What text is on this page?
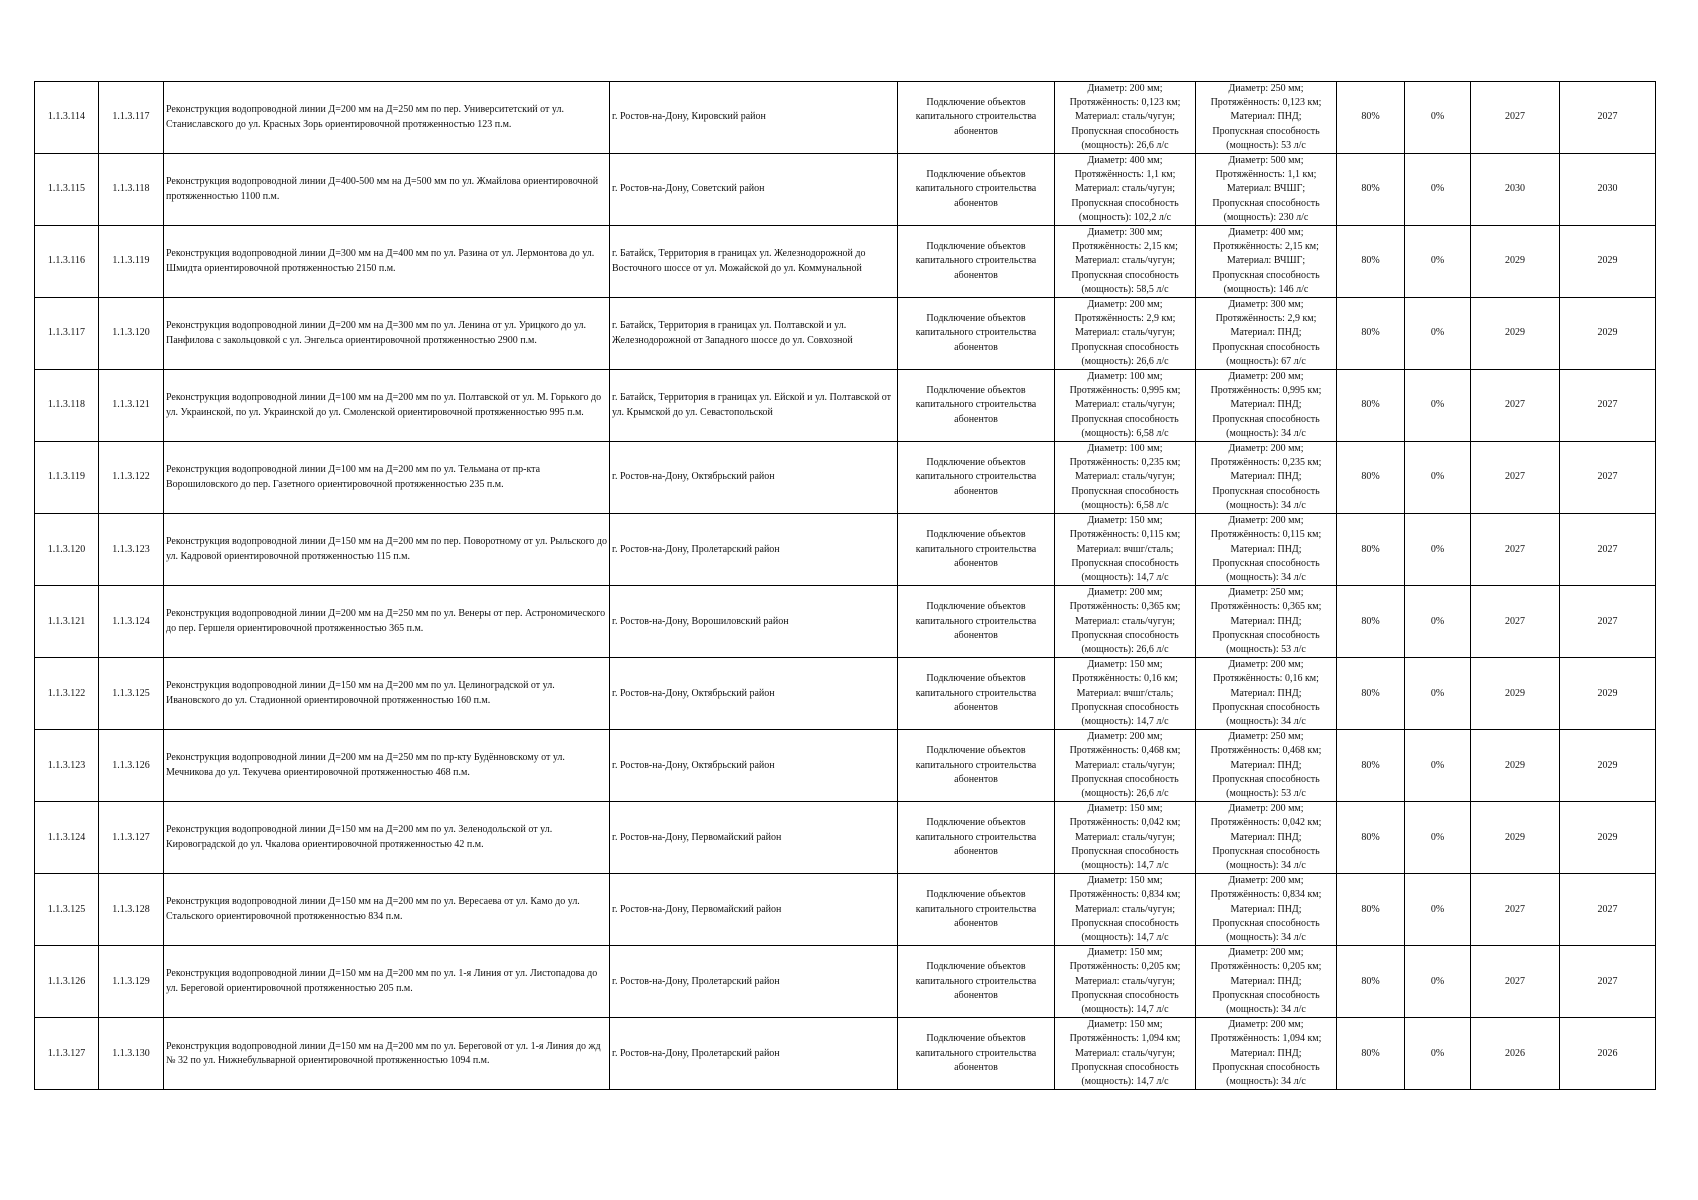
1.1.3.114	1.1.3.117	Реконструкция водопроводной линии Д=200 мм на Д=250 мм по пер. Университетский от ул. Станиславского до ул. Красных Зорь ориентировочной протяженностью 123 п.м.	г. Ростов-на-Дону, Кировский район	Подключение объектов капитального строительства абонентов	Диаметр: 200 мм;
Протяжённость: 0,123 км;
Материал: сталь/чугун;
Пропускная способность (мощность): 26,6 л/с	Диаметр: 250 мм;
Протяжённость: 0,123 км;
Материал: ПНД;
Пропускная способность (мощность): 53 л/с	80%	0%	2027	2027
1.1.3.115	1.1.3.118	Реконструкция водопроводной линии Д=400-500 мм на Д=500 мм по ул. Жмайлова ориентировочной протяженностью 1100 п.м.	г. Ростов-на-Дону, Советский район	Подключение объектов капитального строительства абонентов	Диаметр: 400 мм;
Протяжённость: 1,1 км;
Материал: сталь/чугун;
Пропускная способность (мощность): 102,2 л/с	Диаметр: 500 мм;
Протяжённость: 1,1 км;
Материал: ВЧШГ;
Пропускная способность (мощность): 230 л/с	80%	0%	2030	2030
1.1.3.116	1.1.3.119	Реконструкция водопроводной линии Д=300 мм на Д=400 мм по ул. Разина от ул. Лермонтова до ул. Шмидта ориентировочной протяженностью 2150 п.м.	г. Батайск, Территория в границах ул. Железнодорожной до Восточного шоссе от ул. Можайской до ул. Коммунальной	Подключение объектов капитального строительства абонентов	Диаметр: 300 мм;
Протяжённость: 2,15 км;
Материал: сталь/чугун;
Пропускная способность (мощность): 58,5 л/с	Диаметр: 400 мм;
Протяжённость: 2,15 км;
Материал: ВЧШГ;
Пропускная способность (мощность): 146 л/с	80%	0%	2029	2029
1.1.3.117	1.1.3.120	Реконструкция водопроводной линии Д=200 мм на Д=300 мм по ул. Ленина от ул. Урицкого до ул. Панфилова с закольцовкой с ул. Энгельса ориентировочной протяженностью 2900 п.м.	г. Батайск, Территория в границах ул. Полтавской и ул. Железнодорожной от Западного шоссе до ул. Совхозной	Подключение объектов капитального строительства абонентов	Диаметр: 200 мм;
Протяжённость: 2,9 км;
Материал: сталь/чугун;
Пропускная способность (мощность): 26,6 л/с	Диаметр: 300 мм;
Протяжённость: 2,9 км;
Материал: ПНД;
Пропускная способность (мощность): 67 л/с	80%	0%	2029	2029
1.1.3.118	1.1.3.121	Реконструкция водопроводной линии Д=100 мм на Д=200 мм по ул. Полтавской от ул. М. Горького до ул. Украинской, по ул. Украинской до ул. Смоленской ориентировочной протяженностью 995 п.м.	г. Батайск, Территория в границах ул. Ейской и ул. Полтавской от ул. Крымской до ул. Севастопольской	Подключение объектов капитального строительства абонентов	Диаметр: 100 мм;
Протяжённость: 0,995 км;
Материал: сталь/чугун;
Пропускная способность (мощность): 6,58 л/с	Диаметр: 200 мм;
Протяжённость: 0,995 км;
Материал: ПНД;
Пропускная способность (мощность): 34 л/с	80%	0%	2027	2027
1.1.3.119	1.1.3.122	Реконструкция водопроводной линии Д=100 мм на Д=200 мм по ул. Тельмана от пр-кта Ворошиловского до пер. Газетного ориентировочной протяженностью 235 п.м.	г. Ростов-на-Дону, Октябрьский район	Подключение объектов капитального строительства абонентов	Диаметр: 100 мм;
Протяжённость: 0,235 км;
Материал: сталь/чугун;
Пропускная способность (мощность): 6,58 л/с	Диаметр: 200 мм;
Протяжённость: 0,235 км;
Материал: ПНД;
Пропускная способность (мощность): 34 л/с	80%	0%	2027	2027
1.1.3.120	1.1.3.123	Реконструкция водопроводной линии Д=150 мм на Д=200 мм по пер. Поворотному от ул. Рыльского до ул. Кадровой ориентировочной протяженностью 115 п.м.	г. Ростов-на-Дону, Пролетарский район	Подключение объектов капитального строительства абонентов	Диаметр: 150 мм;
Протяжённость: 0,115 км;
Материал: вчшг/сталь;
Пропускная способность (мощность): 14,7 л/с	Диаметр: 200 мм;
Протяжённость: 0,115 км;
Материал: ПНД;
Пропускная способность (мощность): 34 л/с	80%	0%	2027	2027
1.1.3.121	1.1.3.124	Реконструкция водопроводной линии Д=200 мм на Д=250 мм по ул. Венеры от пер. Астрономического до пер. Гершеля ориентировочной протяженностью 365 п.м.	г. Ростов-на-Дону, Ворошиловский район	Подключение объектов капитального строительства абонентов	Диаметр: 200 мм;
Протяжённость: 0,365 км;
Материал: сталь/чугун;
Пропускная способность (мощность): 26,6 л/с	Диаметр: 250 мм;
Протяжённость: 0,365 км;
Материал: ПНД;
Пропускная способность (мощность): 53 л/с	80%	0%	2027	2027
1.1.3.122	1.1.3.125	Реконструкция водопроводной линии Д=150 мм на Д=200 мм по ул. Целиноградской от ул. Ивановского до ул. Стадионной ориентировочной протяженностью 160 п.м.	г. Ростов-на-Дону, Октябрьский район	Подключение объектов капитального строительства абонентов	Диаметр: 150 мм;
Протяжённость: 0,16 км;
Материал: вчшг/сталь;
Пропускная способность (мощность): 14,7 л/с	Диаметр: 200 мм;
Протяжённость: 0,16 км;
Материал: ПНД;
Пропускная способность (мощность): 34 л/с	80%	0%	2029	2029
1.1.3.123	1.1.3.126	Реконструкция водопроводной линии Д=200 мм на Д=250 мм по пр-кту Будённовскому от ул. Мечникова до ул. Текучева ориентировочной протяженностью 468 п.м.	г. Ростов-на-Дону, Октябрьский район	Подключение объектов капитального строительства абонентов	Диаметр: 200 мм;
Протяжённость: 0,468 км;
Материал: сталь/чугун;
Пропускная способность (мощность): 26,6 л/с	Диаметр: 250 мм;
Протяжённость: 0,468 км;
Материал: ПНД;
Пропускная способность (мощность): 53 л/с	80%	0%	2029	2029
1.1.3.124	1.1.3.127	Реконструкция водопроводной линии Д=150 мм на Д=200 мм по ул. Зеленодольской от ул. Кировоградской до ул. Чкалова ориентировочной протяженностью 42 п.м.	г. Ростов-на-Дону, Первомайский район	Подключение объектов капитального строительства абонентов	Диаметр: 150 мм;
Протяжённость: 0,042 км;
Материал: сталь/чугун;
Пропускная способность (мощность): 14,7 л/с	Диаметр: 200 мм;
Протяжённость: 0,042 км;
Материал: ПНД;
Пропускная способность (мощность): 34 л/с	80%	0%	2029	2029
1.1.3.125	1.1.3.128	Реконструкция водопроводной линии Д=150 мм на Д=200 мм по ул. Вересаева от ул. Камо до ул. Стальского ориентировочной протяженностью 834 п.м.	г. Ростов-на-Дону, Первомайский район	Подключение объектов капитального строительства абонентов	Диаметр: 150 мм;
Протяжённость: 0,834 км;
Материал: сталь/чугун;
Пропускная способность (мощность): 14,7 л/с	Диаметр: 200 мм;
Протяжённость: 0,834 км;
Материал: ПНД;
Пропускная способность (мощность): 34 л/с	80%	0%	2027	2027
1.1.3.126	1.1.3.129	Реконструкция водопроводной линии Д=150 мм на Д=200 мм по ул. 1-я Линия от ул. Листопадова до ул. Береговой ориентировочной протяженностью 205 п.м.	г. Ростов-на-Дону, Пролетарский район	Подключение объектов капитального строительства абонентов	Диаметр: 150 мм;
Протяжённость: 0,205 км;
Материал: сталь/чугун;
Пропускная способность (мощность): 14,7 л/с	Диаметр: 200 мм;
Протяжённость: 0,205 км;
Материал: ПНД;
Пропускная способность (мощность): 34 л/с	80%	0%	2027	2027
1.1.3.127	1.1.3.130	Реконструкция водопроводной линии Д=150 мм на Д=200 мм по ул. Береговой от ул. 1-я Линия до жд № 32 по ул. Нижнебульварной ориентировочной протяженностью 1094 п.м.	г. Ростов-на-Дону, Пролетарский район	Подключение объектов капитального строительства абонентов	Диаметр: 150 мм;
Протяжённость: 1,094 км;
Материал: сталь/чугун;
Пропускная способность (мощность): 14,7 л/с	Диаметр: 200 мм;
Протяжённость: 1,094 км;
Материал: ПНД;
Пропускная способность (мощность): 34 л/с	80%	0%	2026	2026
